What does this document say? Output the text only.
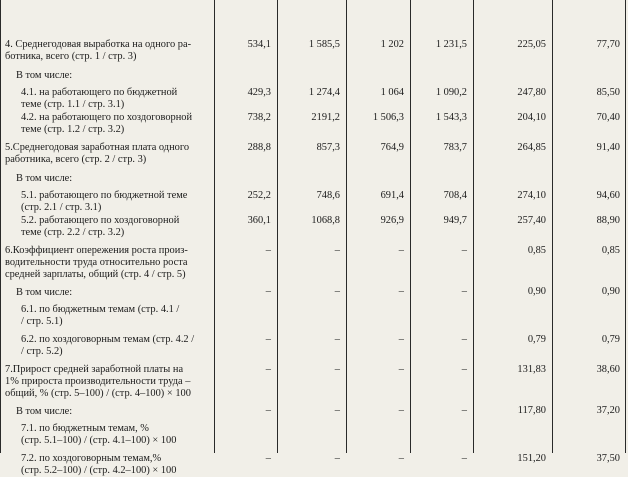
4. Среднегодовая выработка на одного ра-
ботника, всего (стр. 1 / стр. 3)	534,1	1 585,5	1 202	1 231,5	225,05	77,70

В том числе:						

4.1. на работающего по бюджетной
теме (стр. 1.1 / стр. 3.1)	429,3	1 274,4	1 064	1 090,2	247,80	85,50

4.2. на работающего по хоздоговорной
теме (стр. 1.2 / стр. 3.2)	738,2	2191,2	1 506,3	1 543,3	204,10	70,40

5.Среднегодовая заработная плата одного
работника, всего (стр. 2 / стр. 3)	288,8	857,3	764,9	783,7	264,85	91,40

В том числе:						

5.1. работающего по бюджетной теме
(стр. 2.1 / стр. 3.1)	252,2	748,6	691,4	708,4	274,10	94,60

5.2. работающего по хоздоговорной
теме (стр. 2.2 / стр. 3.2)	360,1	1068,8	926,9	949,7	257,40	88,90

6.Коэффициент опережения роста произ-
водительности труда относительно роста
средней зарплаты, общий (стр. 4 / стр. 5)	–	–	–	–	0,85	0,85

В том числе:	–	–	–	–	0,90	0,90

6.1. по бюджетным темам (стр. 4.1 /
/ стр. 5.1)						

6.2. по хоздоговорным темам (стр. 4.2 /
/ стр. 5.2)	–	–	–	–	0,79	0,79

7.Прирост средней заработной платы на
1% прироста производительности труда –
общий, % (стр. 5–100) / (стр. 4–100) × 100	–	–	–	–	131,83	38,60

В том числе:	–	–	–	–	117,80	37,20

7.1. по бюджетным темам, %
(стр. 5.1–100) / (стр. 4.1–100) × 100						

7.2. по хоздоговорным темам,%
(стр. 5.2–100) / (стр. 4.2–100) × 100	–	–	–	–	151,20	37,50
